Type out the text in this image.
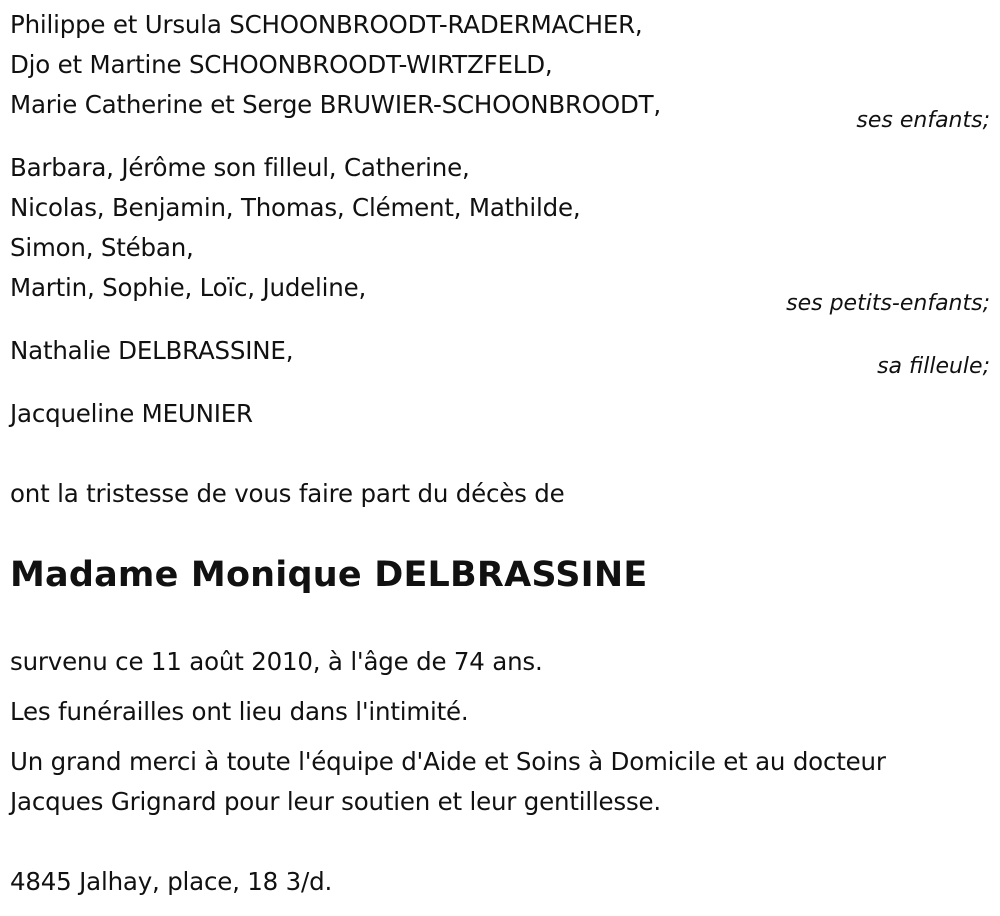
Philippe et Ursula SCHOONBROODT-RADERMACHER,
Djo et Martine SCHOONBROODT-WIRTZFELD,
Marie Catherine et Serge BRUWIER-SCHOONBROODT,
ses enfants;
Barbara, Jérôme son filleul, Catherine,
Nicolas, Benjamin, Thomas, Clément, Mathilde,
Simon, Stéban,
Martin, Sophie, Loïc, Judeline,
ses petits-enfants;
Nathalie DELBRASSINE,
sa filleule;
Jacqueline MEUNIER
ont la tristesse de vous faire part du décès de
Madame Monique DELBRASSINE
survenu ce 11 août 2010, à l'âge de 74 ans.
Les funérailles ont lieu dans l'intimité.
Un grand merci à toute l'équipe d'Aide et Soins à Domicile et au docteur
Jacques Grignard pour leur soutien et leur gentillesse.
4845 Jalhay, place, 18 3/d.
